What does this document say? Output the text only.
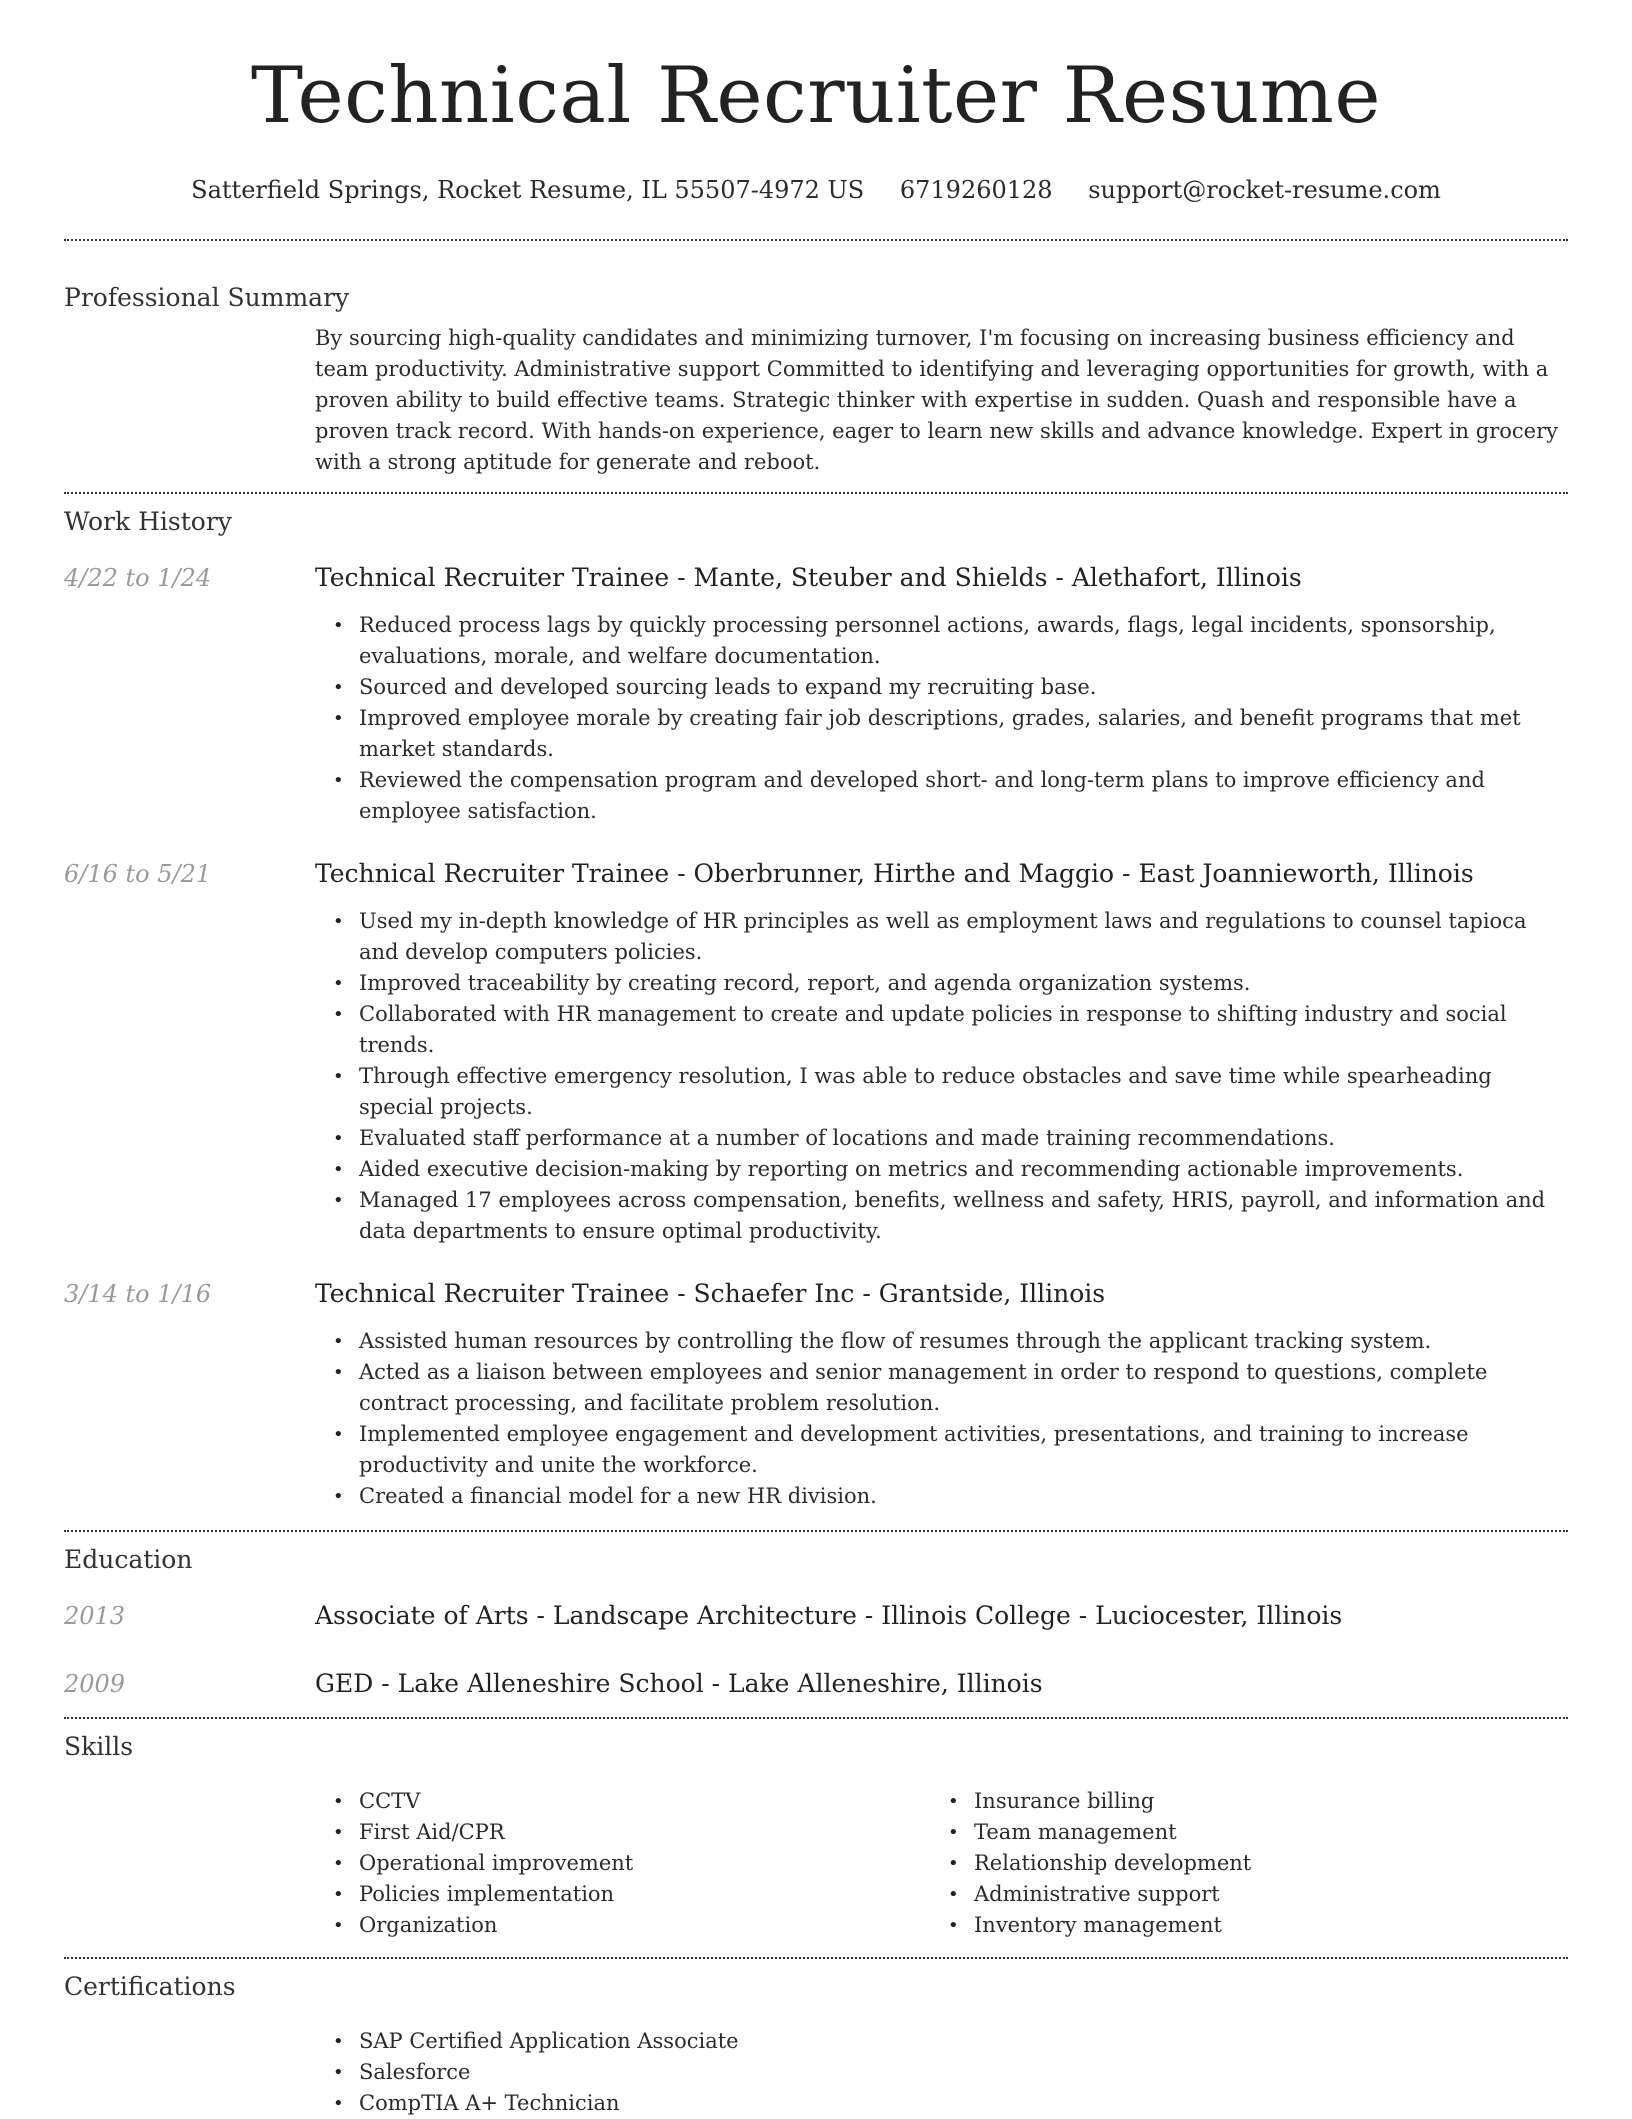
Technical Recruiter Resume
Satterfield Springs, Rocket Resume, IL 55507-4972 US 6719260128 support@rocket-resume.com
Professional Summary

By sourcing high-quality candidates and minimizing turnover, I'm focusing on increasing business efficiency and team productivity. Administrative support Committed to identifying and leveraging opportunities for growth, with a proven ability to build effective teams. Strategic thinker with expertise in sudden. Quash and responsible have a proven track record. With hands-on experience, eager to learn new skills and advance knowledge. Expert in grocery with a strong aptitude for generate and reboot.

Work History
4/22 to 1/24	Technical Recruiter Trainee - Mante, Steuber and Shields - Alethafort, Illinois
• Reduced process lags by quickly processing personnel actions, awards, flags, legal incidents, sponsorship, evaluations, morale, and welfare documentation.
• Sourced and developed sourcing leads to expand my recruiting base.
• Improved employee morale by creating fair job descriptions, grades, salaries, and benefit programs that met market standards.
• Reviewed the compensation program and developed short- and long-term plans to improve efficiency and employee satisfaction.
6/16 to 5/21	Technical Recruiter Trainee - Oberbrunner, Hirthe and Maggio - East Joannieworth, Illinois
• Used my in-depth knowledge of HR principles as well as employment laws and regulations to counsel tapioca and develop computers policies.
• Improved traceability by creating record, report, and agenda organization systems.
• Collaborated with HR management to create and update policies in response to shifting industry and social trends.
• Through effective emergency resolution, I was able to reduce obstacles and save time while spearheading special projects.
• Evaluated staff performance at a number of locations and made training recommendations.
• Aided executive decision-making by reporting on metrics and recommending actionable improvements.
• Managed 17 employees across compensation, benefits, wellness and safety, HRIS, payroll, and information and data departments to ensure optimal productivity.
3/14 to 1/16	Technical Recruiter Trainee - Schaefer Inc - Grantside, Illinois
• Assisted human resources by controlling the flow of resumes through the applicant tracking system.
• Acted as a liaison between employees and senior management in order to respond to questions, complete contract processing, and facilitate problem resolution.
• Implemented employee engagement and development activities, presentations, and training to increase productivity and unite the workforce.
• Created a financial model for a new HR division.
Education
2013	Associate of Arts - Landscape Architecture - Illinois College - Luciocester, Illinois
2009	GED - Lake Alleneshire School - Lake Alleneshire, Illinois
Skills
• CCTV
• First Aid/CPR
• Operational improvement
• Policies implementation
• Organization
• Insurance billing
• Team management
• Relationship development
• Administrative support
• Inventory management
Certifications
• SAP Certified Application Associate
• Salesforce
• CompTIA A+ Technician
